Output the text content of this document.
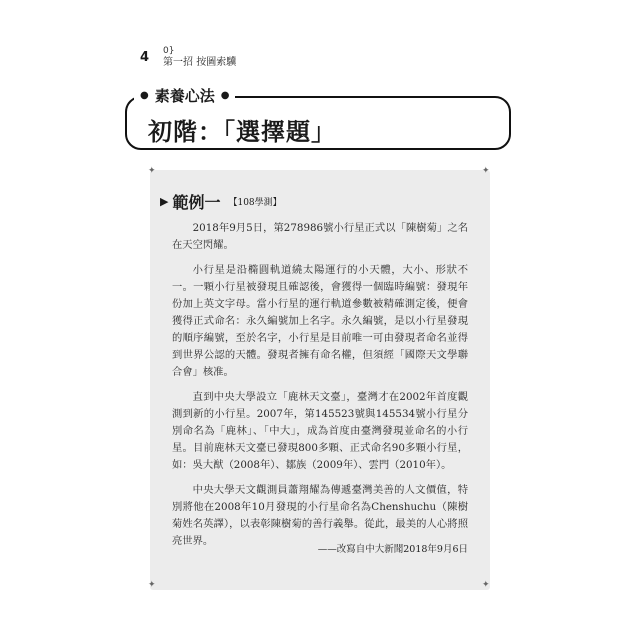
4 0}
第一招 按圖索驥
● 素養心法 ●
初階：「選擇題」
✦	✦
✦	✦
▶ 範例一 【108學測】

2018年9月5日，第278986號小行星正式以「陳樹菊」之名在天空閃耀。

小行星是沿橢圓軌道繞太陽運行的小天體，大小、形狀不一。一顆小行星被發現且確認後，會獲得一個臨時編號：發現年份加上英文字母。當小行星的運行軌道參數被精確測定後，便會獲得正式命名：永久編號加上名字。永久編號，是以小行星發現的順序編號，至於名字，小行星是目前唯一可由發現者命名並得到世界公認的天體。發現者擁有命名權，但須經「國際天文學聯合會」核准。

直到中央大學設立「鹿林天文臺」，臺灣才在2002年首度觀測到新的小行星。2007年，第145523號與145534號小行星分別命名為「鹿林」、「中大」，成為首度由臺灣發現並命名的小行星。目前鹿林天文臺已發現800多顆、正式命名90多顆小行星，如：吳大猷（2008年）、鄒族（2009年）、雲門（2010年）。

中央大學天文觀測員蕭翔耀為傳遞臺灣美善的人文價值，特別將他在2008年10月發現的小行星命名為Chenshuchu（陳樹菊姓名英譯），以表彰陳樹菊的善行義舉。從此，最美的人心將照亮世界。

——改寫自中大新聞2018年9月6日
